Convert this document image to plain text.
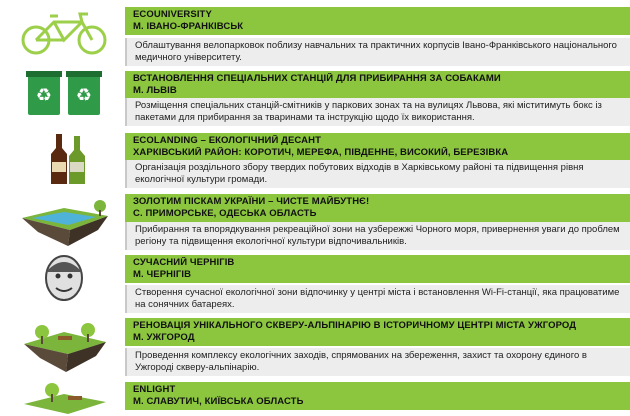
ECOUNIVERSITY
М. ІВАНО-ФРАНКІВСЬК
Облаштування велопарковок поблизу навчальних та практичних корпусів Івано-Франківського національного медичного університету.
♻ ♻
ВСТАНОВЛЕННЯ СПЕЦІАЛЬНИХ СТАНЦІЙ ДЛЯ ПРИБИРАННЯ ЗА СОБАКАМИ
М. ЛЬВІВ
Розміщення спеціальних станцій-смітників у паркових зонах та на вулицях Львова, які міститимуть бокс із пакетами для прибирання за тваринами та інструкцію щодо їх використання.
ECOLANDING – ЕКОЛОГІЧНИЙ ДЕСАНТ
ХАРКІВСЬКИЙ РАЙОН: КОРОТИЧ, МЕРЕФА, ПІВДЕННЕ, ВИСОКИЙ, БЕРЕЗІВКА
Організація роздільного збору твердих побутових відходів в Харківському районі та підвищення рівня екологічної культури громади.
ЗОЛОТИМ ПІСКАМ УКРАЇНИ – ЧИСТЕ МАЙБУТНЄ!
С. ПРИМОРСЬКЕ, ОДЕСЬКА ОБЛАСТЬ
Прибирання та впорядкування рекреаційної зони на узбережжі Чорного моря, привернення уваги до проблем регіону та підвищення екологічної культури відпочивальників.
СУЧАСНИЙ ЧЕРНІГІВ
М. ЧЕРНІГІВ
Створення сучасної екологічної зони відпочинку у центрі міста і встановлення Wi-Fi-станції, яка працюватиме на сонячних батареях.
РЕНОВАЦІЯ УНІКАЛЬНОГО СКВЕРУ-АЛЬПІНАРІЮ В ІСТОРИЧНОМУ ЦЕНТРІ МІСТА УЖГОРОД
М. УЖГОРОД
Проведення комплексу екологічних заходів, спрямованих на збереження, захист та охорону єдиного в Ужгороді скверу-альпінарію.
ENLIGHT
М. СЛАВУТИЧ, КИЇВСЬКА ОБЛАСТЬ
